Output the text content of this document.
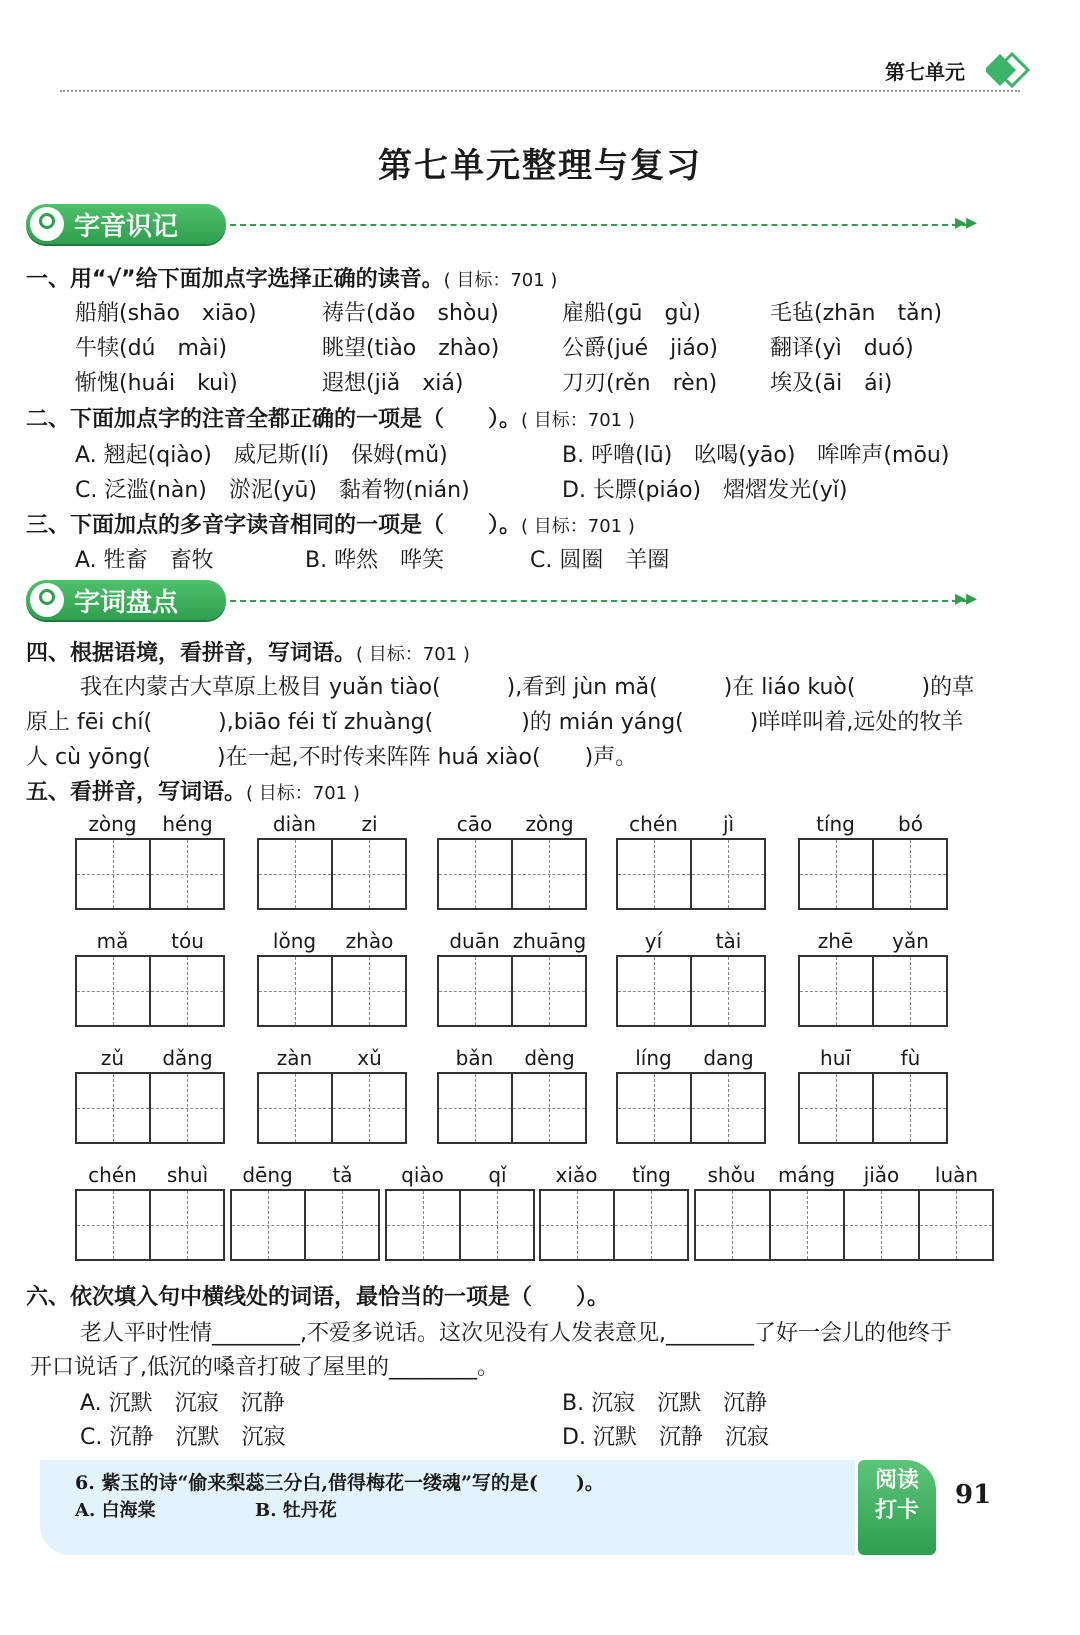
第七单元
第七单元整理与复习
字音识记	▸▸
一、用“√”给下面加点字选择正确的读音。( 目标：701 )
船艄(shāo　xiāo)	祷告(dǎo　shòu)	雇船(gū　gù)	毛毡(zhān　tǎn)
牛犊(dú　mài)	眺望(tiào　zhào)	公爵(jué　jiáo) 翻译(yì　duó)
惭愧(huái　kuì)	遐想(jiǎ　xiá)	刀刃(rěn　rèn) 埃及(āi　ái)
二、下面加点字的注音全都正确的一项是（　　）。( 目标：701 )
A. 翘起(qiào)　威尼斯(lí)　保姆(mǔ)	B. 呼噜(lū)　吆喝(yāo)　哞哞声(mōu)
C. 泛滥(nàn)　淤泥(yū)　黏着物(nián)	D. 长膘(piáo)　熠熠发光(yǐ)
三、下面加点的多音字读音相同的一项是（　　）。( 目标：701 )
A. 牲畜　畜牧	B. 哗然　哗笑	C. 圆圈　羊圈
字词盘点	▸▸
四、根据语境，看拼音，写词语。( 目标：701 )
我在内蒙古大草原上极目 yuǎn tiào(　　　),看到 jùn mǎ(　　　)在 liáo kuò(　　　)的草
原上 fēi chí(　　　),biāo féi tǐ zhuàng(　　　　)的 mián yáng(　　　)咩咩叫着,远处的牧羊
人 cù yōng(　　　)在一起,不时传来阵阵 huá xiào(　　)声。
五、看拼音，写词语。( 目标：701 )
zòng	héng	diàn	zi	cāo	zòng	chén	jì	tíng	bó
mǎ	tóu	lǒng	zhào	duān zhuāng	yí	tài	zhē	yǎn
zǔ	dǎng	zàn	xǔ	bǎn	dèng	líng	dang	huī	fù
chén	shuì	dēng	tǎ	qiào	qǐ	xiǎo	tǐng	shǒu	máng	jiǎo	luàn
六、依次填入句中横线处的词语，最恰当的一项是（　　）。
老人平时性情________,不爱多说话。这次见没有人发表意见,________了好一会儿的他终于
开口说话了,低沉的嗓音打破了屋里的________。
A. 沉默　沉寂　沉静	B. 沉寂　沉默　沉静
C. 沉静　沉默　沉寂	D. 沉默　沉静　沉寂
6. 紫玉的诗“偷来梨蕊三分白,借得梅花一缕魂”写的是(　　)。
A. 白海棠	B. 牡丹花
阅读
打卡
91
